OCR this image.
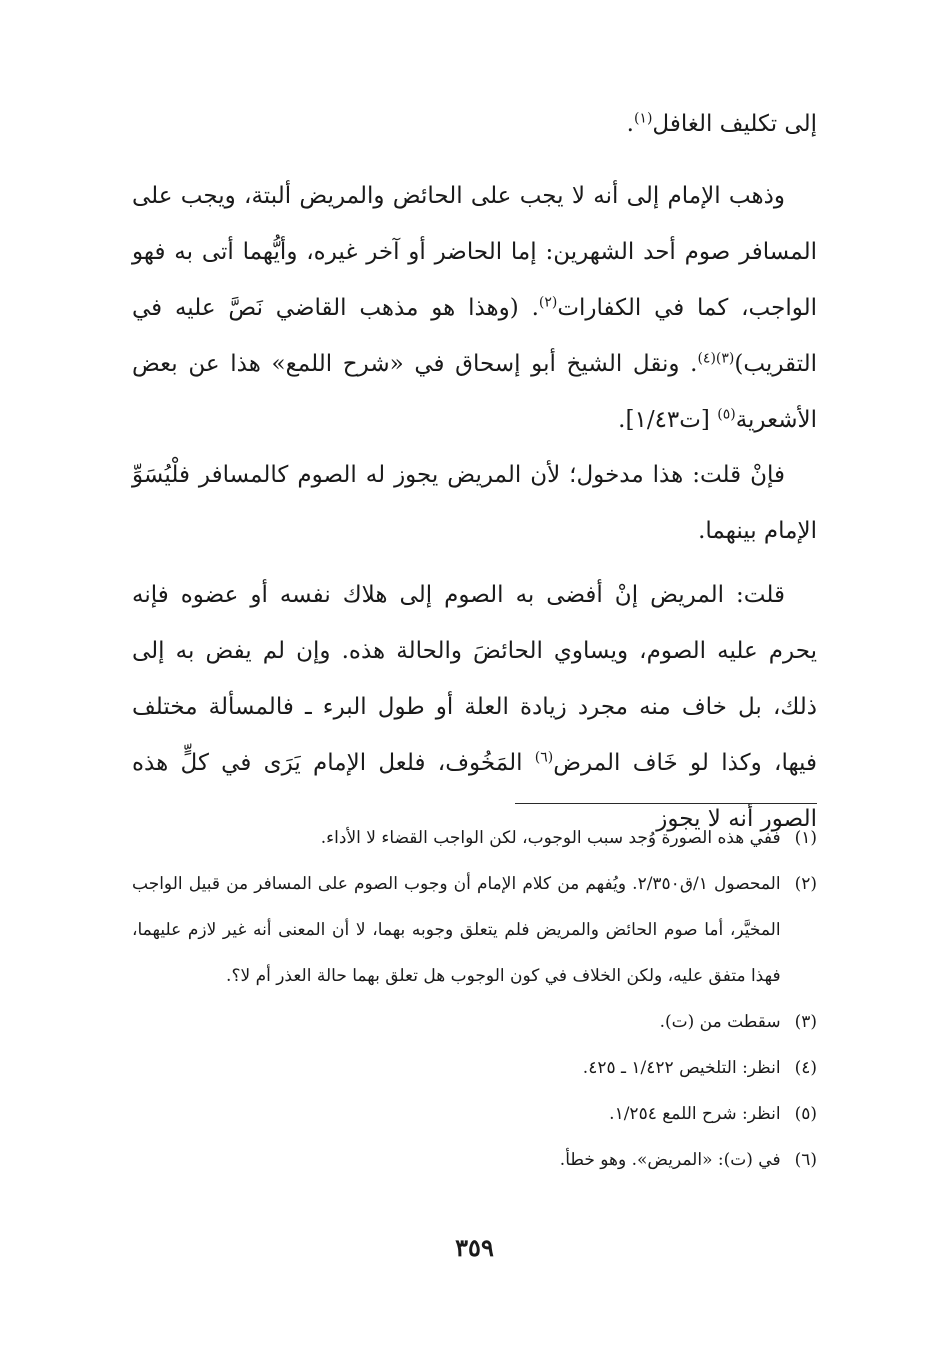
إلى تكليف الغافل$^{(١)}$.

وذهب الإمام إلى أنه لا يجب على الحائض والمريض ألبتة، ويجب على المسافر صوم أحد الشهرين: إما الحاضر أو آخر غيره، وأيُّهما أتى به فهو الواجب، كما في الكفارات$^{(٢)}$. (وهذا هو مذهب القاضي نَصَّ عليه في التقريب)$^{(٣)(٤)}$. ونقل الشيخ أبو إسحاق في «شرح اللمع» هذا عن بعض الأشعرية$^{(٥)}$ [ت١/٤٣].

فإنْ قلت: هذا مدخول؛ لأن المريض يجوز له الصوم كالمسافر فلْيُسَوِّ الإمام بينهما.

قلت: المريض إنْ أفضى به الصوم إلى هلاك نفسه أو عضوه فإنه يحرم عليه الصوم، ويساوي الحائضَ والحالة هذه. وإن لم يفض به إلى ذلك، بل خاف منه مجرد زيادة العلة أو طول البرء ـ فالمسألة مختلف فيها، وكذا لو خَاف المرض$^{(٦)}$ المَخُوف، فلعل الإمام يَرَى في كلٍّ هذه الصور أنه لا يجوز

(١)
ففي هذه الصورة وُجد سبب الوجوب، لكن الواجب القضاء لا الأداء.
(٢)
المحصول ١/ق٢/٣٥٠. ويُفهم من كلام الإمام أن وجوب الصوم على المسافر من قبيل الواجب المخيَّر، أما صوم الحائض والمريض فلم يتعلق وجوبه بهما، لا أن المعنى أنه غير لازم عليهما، فهذا متفق عليه، ولكن الخلاف في كون الوجوب هل تعلق بهما حالة العذر أم لا؟.
(٣)
سقطت من (ت).
(٤)
انظر: التلخيص ١/٤٢٢ ـ ٤٢٥.
(٥)
انظر: شرح اللمع ١/٢٥٤.
(٦)
في (ت): «المريض». وهو خطأ.
٣٥٩
